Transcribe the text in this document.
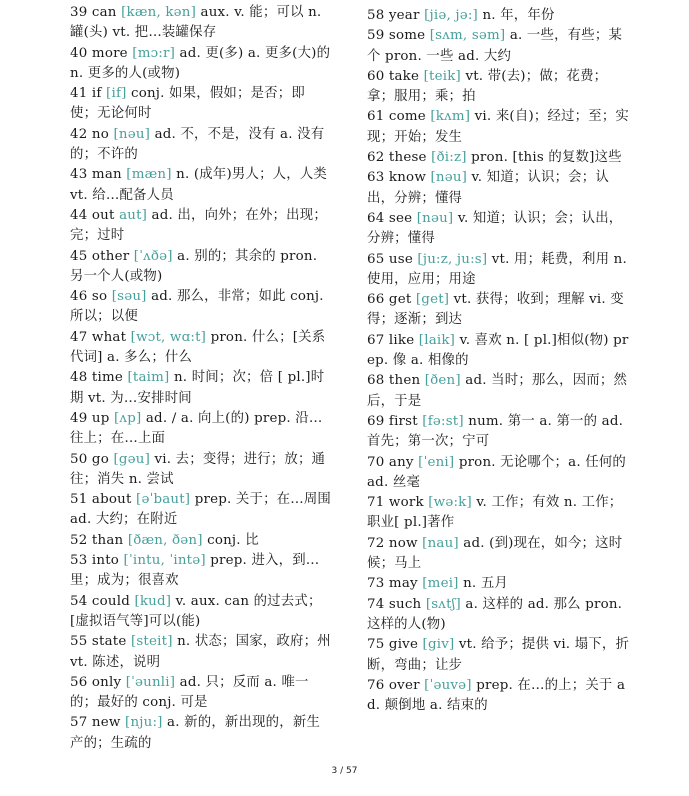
39 can [kæn, kən] aux. v. 能；可以 n. 罐(头) vt. 把…装罐保存
40 more [mɔ:r] ad. 更(多) a. 更多(大)的 n. 更多的人(或物)
41 if [if] conj. 如果，假如；是否；即使；无论何时
42 no [nəu] ad. 不，不是，没有 a. 没有的；不许的
43 man [mæn] n. (成年)男人；人，人类 vt. 给…配备人员
44 out aut] ad. 出，向外；在外；出现；完；过时
45 other [ˈʌðə] a. 别的；其余的 pron. 另一个人(或物)
46 so [səu] ad. 那么，非常；如此 conj. 所以；以便
47 what [wɔt, wɑ:t] pron. 什么；[关系代词] a. 多么；什么
48 time [taim] n. 时间；次；倍 [ pl.]时期 vt. 为…安排时间
49 up [ʌp] ad. / a. 向上(的) prep. 沿…往上；在…上面
50 go [gəu] vi. 去；变得；进行；放；通往；消失 n. 尝试
51 about [əˈbaut] prep. 关于；在…周围 ad. 大约；在附近
52 than [ðæn, ðən] conj. 比
53 into [ˈintu, ˈintə] prep. 进入，到…里；成为；很喜欢
54 could [kud] v. aux. can 的过去式；[虚拟语气等]可以(能)
55 state [steit] n. 状态；国家，政府；州 vt. 陈述，说明
56 only [ˈəunli] ad. 只；反而 a. 唯一的；最好的 conj. 可是
57 new [nju:] a. 新的，新出现的，新生产的；生疏的
58 year [jiə, jə:] n. 年，年份
59 some [sʌm, səm] a. 一些，有些；某个 pron. 一些 ad. 大约
60 take [teik] vt. 带(去)；做；花费；拿；服用；乘；拍
61 come [kʌm] vi. 来(自)；经过；至；实现；开始；发生
62 these [ði:z] pron. [this 的复数]这些
63 know [nəu] v. 知道；认识；会；认出，分辨；懂得
64 see [nəu] v. 知道；认识；会；认出，分辨；懂得
65 use [ju:z, ju:s] vt. 用；耗费，利用 n. 使用，应用；用途
66 get [get] vt. 获得；收到；理解 vi. 变得；逐渐；到达
67 like [laik] v. 喜欢 n. [ pl.]相似(物) prep. 像 a. 相像的
68 then [ðen] ad. 当时；那么，因而；然后，于是
69 first [fə:st] num. 第一 a. 第一的 ad. 首先；第一次；宁可
70 any [ˈeni] pron. 无论哪个；a. 任何的 ad. 丝毫
71 work [wə:k] v. 工作；有效 n. 工作；职业[ pl.]著作
72 now [nau] ad. (到)现在，如今；这时候；马上
73 may [mei] n. 五月
74 such [sʌtʃ] a. 这样的 ad. 那么 pron. 这样的人(物)
75 give [giv] vt. 给予；提供 vi. 塌下，折断，弯曲；让步
76 over [ˈəuvə] prep. 在…的上；关于 ad. 颠倒地 a. 结束的
3 / 57
